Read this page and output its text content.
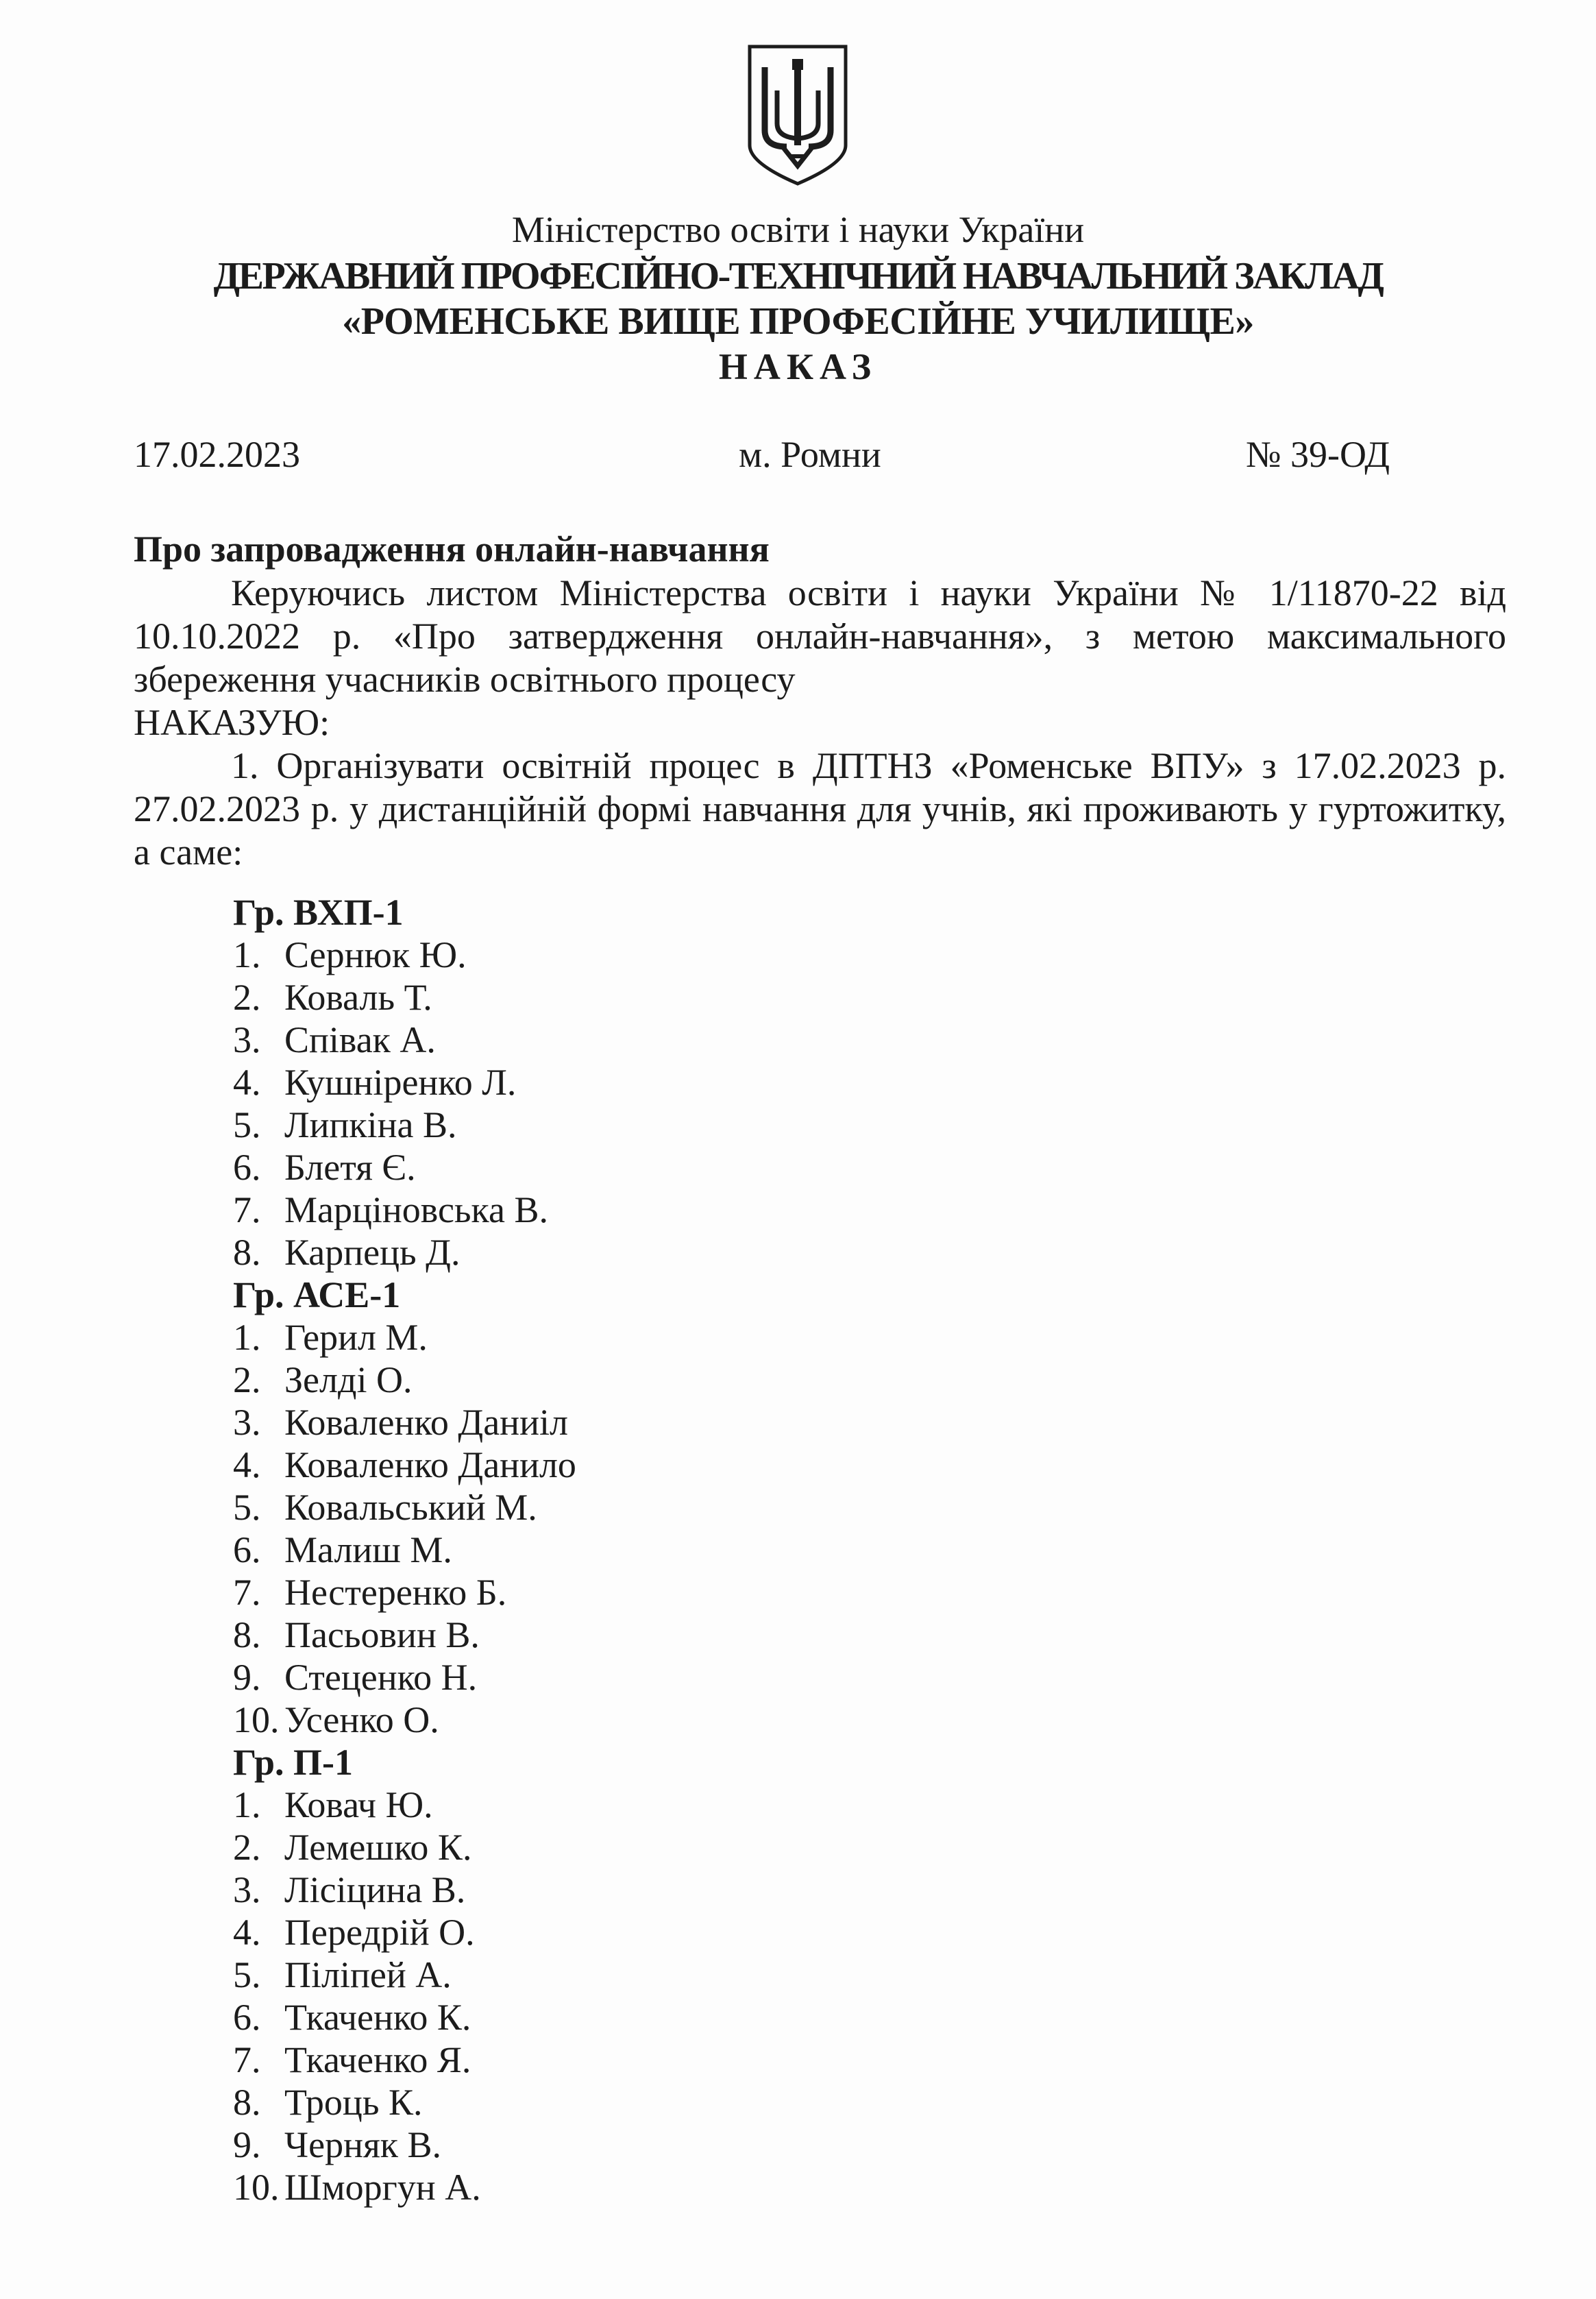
Міністерство освіти і науки України
ДЕРЖАВНИЙ ПРОФЕСІЙНО-ТЕХНІЧНИЙ НАВЧАЛЬНИЙ ЗАКЛАД
«РОМЕНСЬКЕ ВИЩЕ ПРОФЕСІЙНЕ УЧИЛИЩЕ»
НАКАЗ
17.02.2023	м. Ромни	№ 39-ОД
Про запровадження онлайн-навчання
Керуючись листом Міністерства освіти і науки України № 1/11870-22 від 10.10.2022 р. «Про затвердження онлайн-навчання», з метою максимального збереження учасників освітнього процесу
НАКАЗУЮ:
1. Організувати освітній процес в ДПТНЗ «Роменське ВПУ» з 17.02.2023 р. 27.02.2023 р. у дистанційній формі навчання для учнів, які проживають у гуртожитку, а саме:
Гр. ВХП-1
1. Сернюк Ю.
2. Коваль Т.
3. Співак А.
4. Кушніренко Л.
5. Липкіна В.
6. Блетя Є.
7. Марціновська В.
8. Карпець Д.
Гр. АСЕ-1
1. Герил М.
2. Зелді О.
3. Коваленко Даниіл
4. Коваленко Данило
5. Ковальський М.
6. Малиш М.
7. Нестеренко Б.
8. Пасьовин В.
9. Стеценко Н.
10. Усенко О.
Гр. П-1
1. Ковач Ю.
2. Лемешко К.
3. Лісіцина В.
4. Передрій О.
5. Піліпей А.
6. Ткаченко К.
7. Ткаченко Я.
8. Троць К.
9. Черняк В.
10. Шморгун А.
